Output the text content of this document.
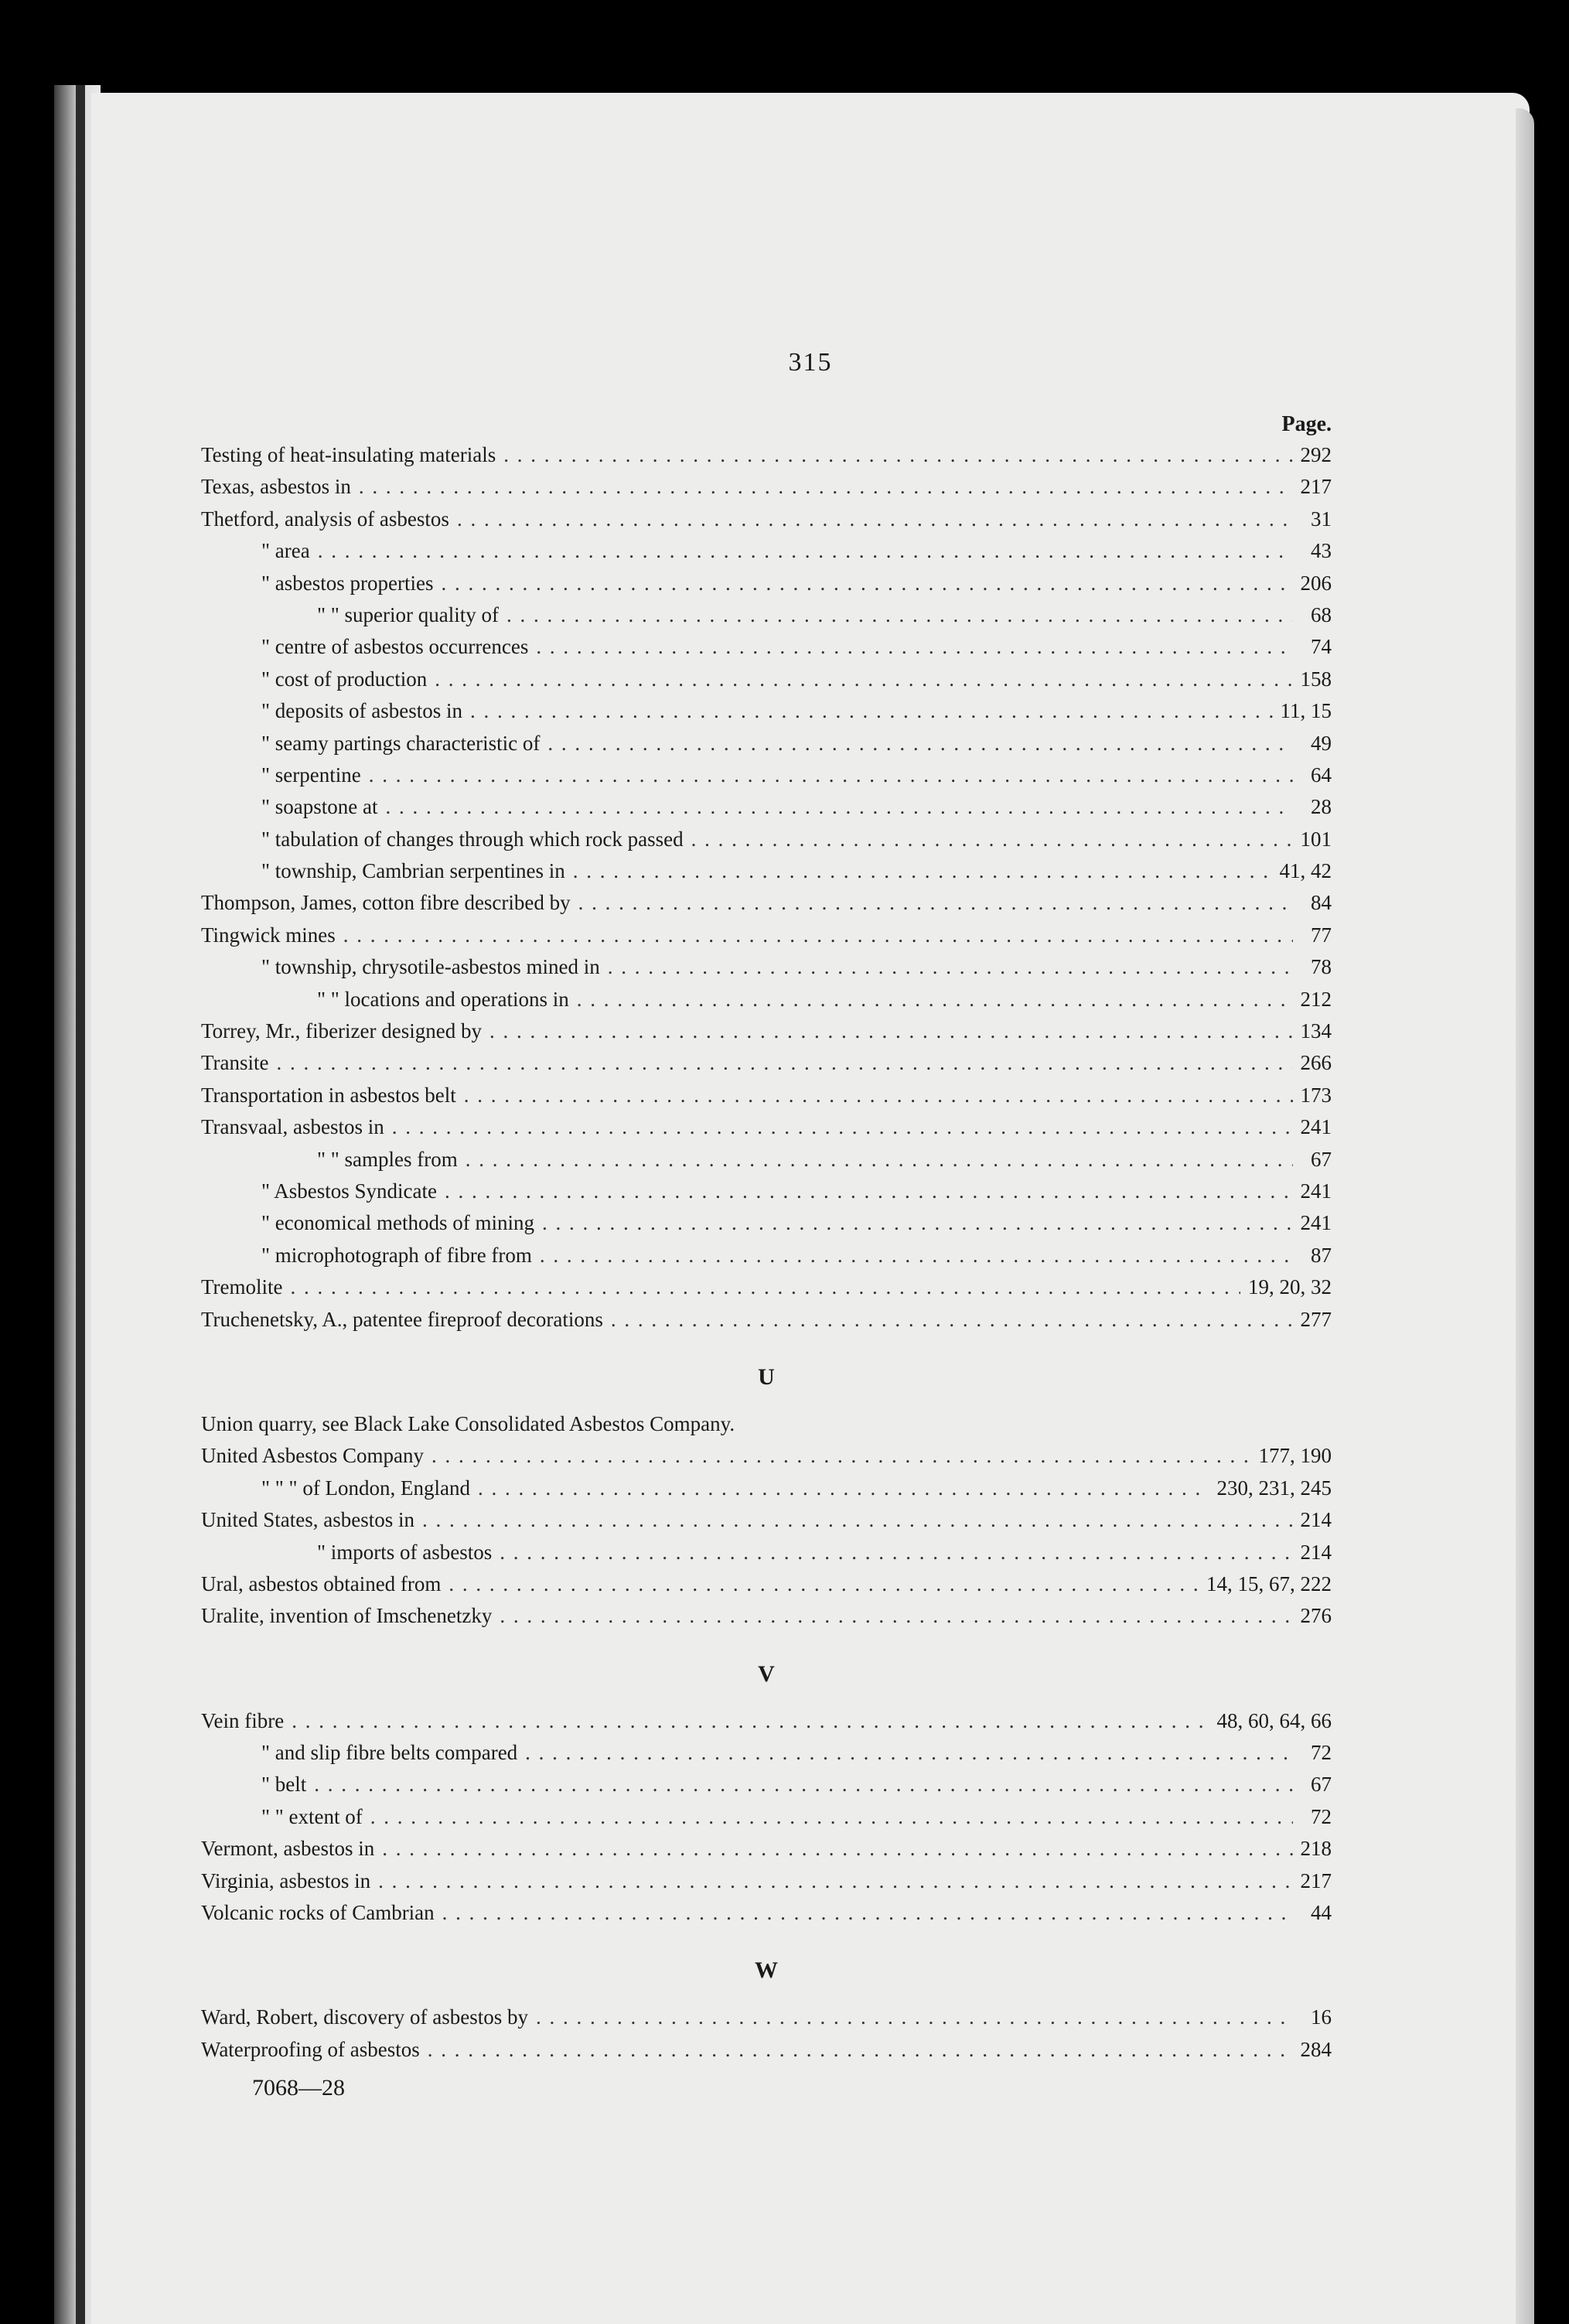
315
Page.
Testing of heat-insulating materials . . .	292
Texas, asbestos in . . .	217
Thetford, analysis of asbestos . . .	31
" area . . .	43
" asbestos properties . . .	206
" " superior quality of . . .	68
" centre of asbestos occurrences . . .	74
" cost of production . . .	158
" deposits of asbestos in . . .	11, 15
" seamy partings characteristic of . . .	49
" serpentine . . .	64
" soapstone at . . .	28
" tabulation of changes through which rock passed . . .	101
" township, Cambrian serpentines in . . .	41, 42
Thompson, James, cotton fibre described by . . .	84
Tingwick mines . . .	77
" township, chrysotile-asbestos mined in . . .	78
" " locations and operations in . . .	212
Torrey, Mr., fiberizer designed by . . .	134
Transite . . .	266
Transportation in asbestos belt . . .	173
Transvaal, asbestos in . . .	241
" " samples from . . .	67
" Asbestos Syndicate . . .	241
" economical methods of mining . . .	241
" microphotograph of fibre from . . .	87
Tremolite . . .	19, 20, 32
Truchenetsky, A., patentee fireproof decorations . . .	277
U
Union quarry, see Black Lake Consolidated Asbestos Company.
United Asbestos Company . . .	177, 190
" " " of London, England . . .	230, 231, 245
United States, asbestos in . . .	214
" imports of asbestos . . .	214
Ural, asbestos obtained from . . .	14, 15, 67, 222
Uralite, invention of Imschenetzky . . .	276
V
Vein fibre . . .	48, 60, 64, 66
" and slip fibre belts compared . . .	72
" belt . . .	67
" " extent of . . .	72
Vermont, asbestos in . . .	218
Virginia, asbestos in . . .	217
Volcanic rocks of Cambrian . . .	44
W
Ward, Robert, discovery of asbestos by . . .	16
Waterproofing of asbestos . . .	284
7068—28
